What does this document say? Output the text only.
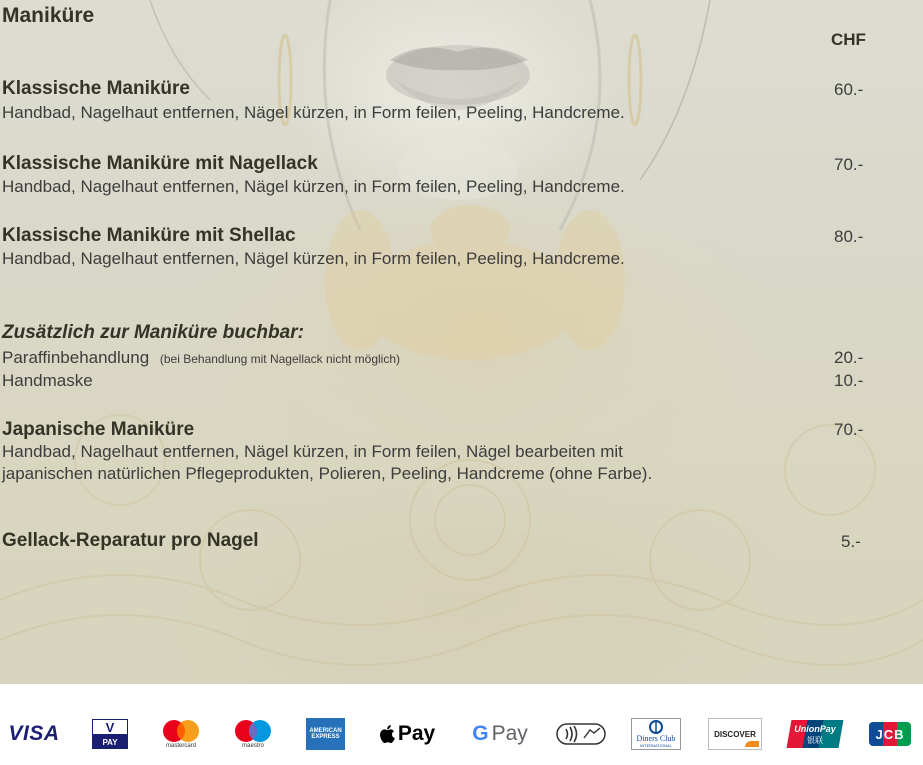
Maniküre
CHF
Klassische Maniküre	60.-
Handbad, Nagelhaut entfernen, Nägel kürzen, in Form feilen, Peeling, Handcreme.
Klassische Maniküre mit Nagellack	70.-
Handbad, Nagelhaut entfernen, Nägel kürzen, in Form feilen, Peeling, Handcreme.
Klassische Maniküre mit Shellac	80.-
Handbad, Nagelhaut entfernen, Nägel kürzen, in Form feilen, Peeling, Handcreme.
Zusätzlich zur Maniküre buchbar:
Paraffinbehandlung (bei Behandlung mit Nagellack nicht möglich)	20.-
Handmaske	10.-
Japanische Maniküre	70.-
Handbad, Nagelhaut entfernen, Nägel kürzen, in Form feilen, Nägel bearbeiten mit
japanischen natürlichen Pflegeprodukten, Polieren, Peeling, Handcreme (ohne Farbe).
Gellack-Reparatur pro Nagel	5.-
VISA	V
PAY	mastercard	maestro
AMERICAN
EXPRESS	Pay G Pay	Diners Club
INTERNATIONAL
DISCOVER	UnionPay
银联	JCB
